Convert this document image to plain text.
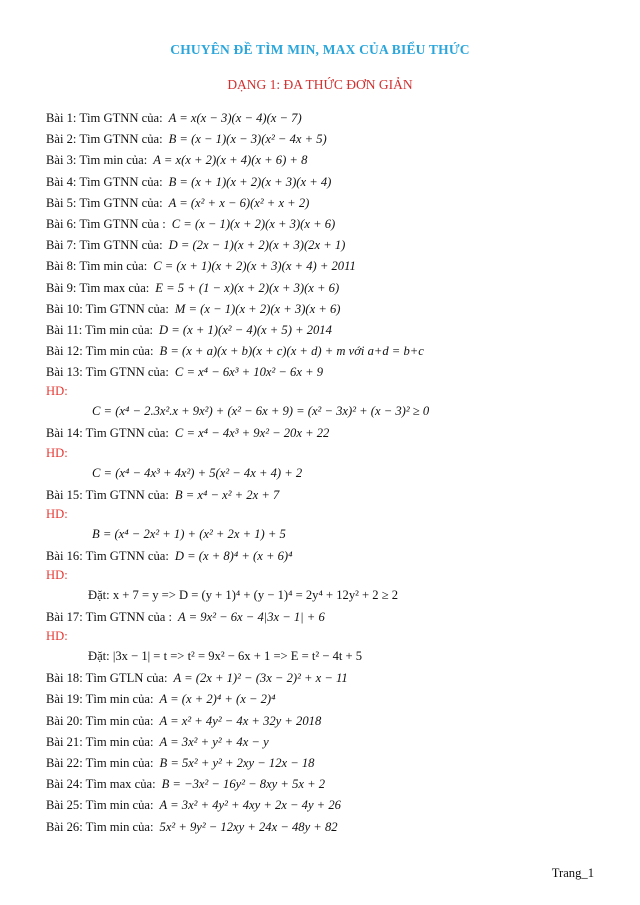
CHUYÊN ĐỀ TÌM MIN, MAX CỦA BIỂU THỨC
DẠNG 1: ĐA THỨC ĐƠN GIẢN
Bài 1: Tìm GTNN của: A = x(x − 3)(x − 4)(x − 7)
Bài 2: Tìm GTNN của: B = (x − 1)(x − 3)(x² − 4x + 5)
Bài 3: Tìm min của: A = x(x + 2)(x + 4)(x + 6) + 8
Bài 4: Tìm GTNN của: B = (x + 1)(x + 2)(x + 3)(x + 4)
Bài 5: Tìm GTNN của: A = (x² + x − 6)(x² + x + 2)
Bài 6: Tìm GTNN của : C = (x − 1)(x + 2)(x + 3)(x + 6)
Bài 7: Tìm GTNN của: D = (2x − 1)(x + 2)(x + 3)(2x + 1)
Bài 8: Tìm min của: C = (x + 1)(x + 2)(x + 3)(x + 4) + 2011
Bài 9: Tìm max của: E = 5 + (1 − x)(x + 2)(x + 3)(x + 6)
Bài 10: Tìm GTNN của: M = (x − 1)(x + 2)(x + 3)(x + 6)
Bài 11: Tìm min của: D = (x + 1)(x² − 4)(x + 5) + 2014
Bài 12: Tìm min của: B = (x + a)(x + b)(x + c)(x + d) + m với a+d = b+c
Bài 13: Tìm GTNN của: C = x⁴ − 6x³ + 10x² − 6x + 9
HD:
C = (x⁴ − 2.3x².x + 9x²) + (x² − 6x + 9) = (x² − 3x)² + (x − 3)² ≥ 0
Bài 14: Tìm GTNN của: C = x⁴ − 4x³ + 9x² − 20x + 22
HD:
C = (x⁴ − 4x³ + 4x²) + 5(x² − 4x + 4) + 2
Bài 15: Tìm GTNN của: B = x⁴ − x² + 2x + 7
HD:
B = (x⁴ − 2x² + 1) + (x² + 2x + 1) + 5
Bài 16: Tìm GTNN của: D = (x + 8)⁴ + (x + 6)⁴
HD:
Đặt: x + 7 = y => D = (y + 1)⁴ + (y − 1)⁴ = 2y⁴ + 12y² + 2 ≥ 2
Bài 17: Tìm GTNN của : A = 9x² − 6x − 4|3x − 1| + 6
HD:
Đặt: |3x − 1| = t => t² = 9x² − 6x + 1 => E = t² − 4t + 5
Bài 18: Tìm GTLN của: A = (2x + 1)² − (3x − 2)² + x − 11
Bài 19: Tìm min của: A = (x + 2)⁴ + (x − 2)⁴
Bài 20: Tìm min của: A = x² + 4y² − 4x + 32y + 2018
Bài 21: Tìm min của: A = 3x² + y² + 4x − y
Bài 22: Tìm min của: B = 5x² + y² + 2xy − 12x − 18
Bài 24: Tìm max của: B = −3x² − 16y² − 8xy + 5x + 2
Bài 25: Tìm min của: A = 3x² + 4y² + 4xy + 2x − 4y + 26
Bài 26: Tìm min của: 5x² + 9y² − 12xy + 24x − 48y + 82
Trang_1
